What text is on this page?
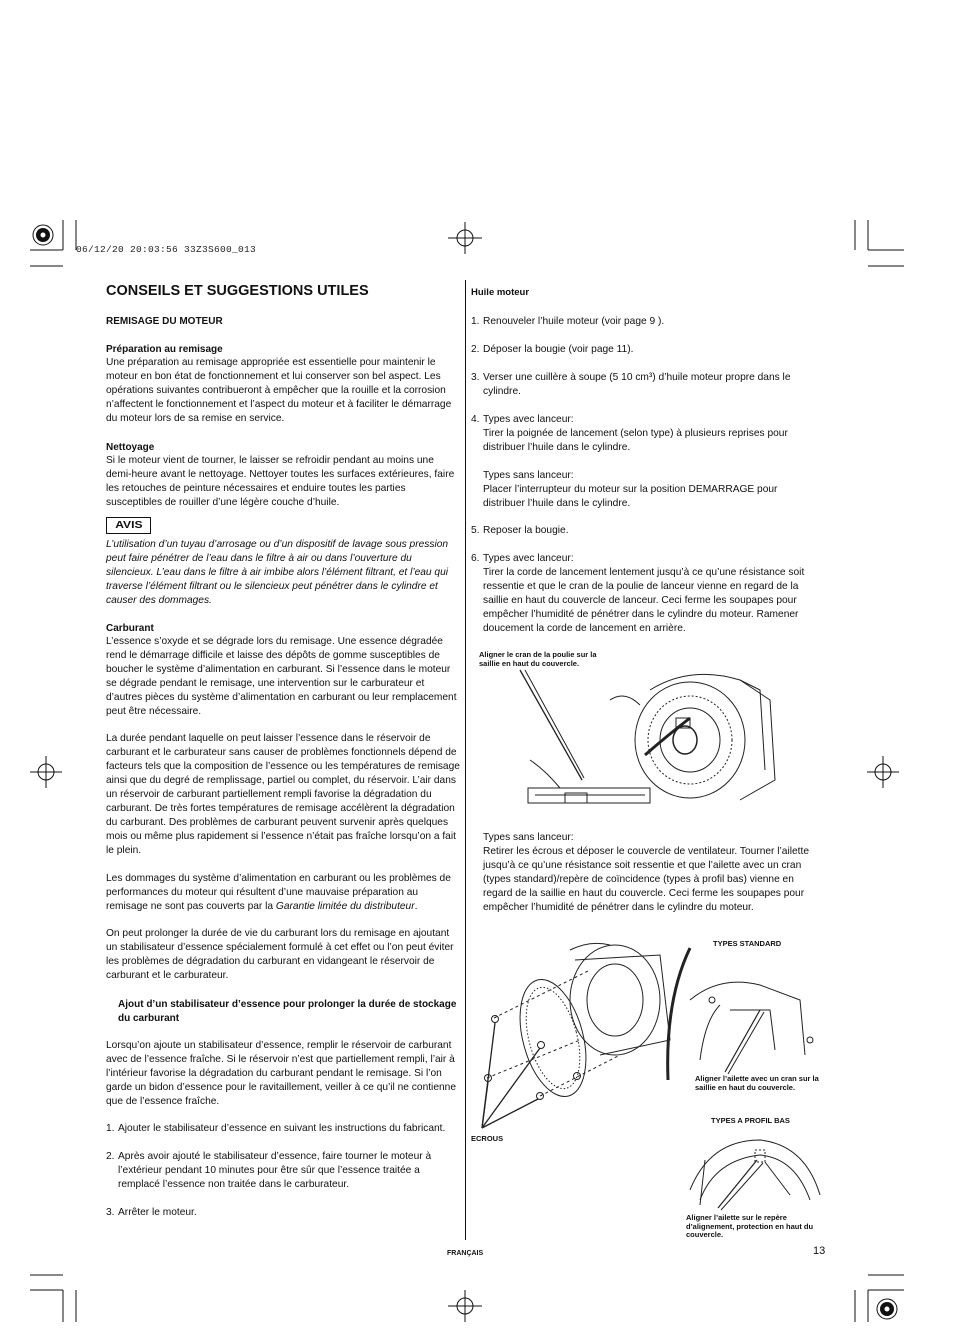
06/12/20 20:03:56 33Z3S600_013
CONSEILS ET SUGGESTIONS UTILES
REMISAGE DU MOTEUR
Préparation au remisage
Une préparation au remisage appropriée est essentielle pour maintenir le moteur en bon état de fonctionnement et lui conserver son bel aspect. Les opérations suivantes contribueront à empêcher que la rouille et la corrosion n’affectent le fonctionnement et l’aspect du moteur et à faciliter le démarrage du moteur lors de sa remise en service.
Nettoyage
Si le moteur vient de tourner, le laisser se refroidir pendant au moins une demi-heure avant le nettoyage. Nettoyer toutes les surfaces extérieures, faire les retouches de peinture nécessaires et enduire toutes les parties susceptibles de rouiller d’une légère couche d’huile.
AVIS
L’utilisation d’un tuyau d’arrosage ou d’un dispositif de lavage sous pression peut faire pénétrer de l’eau dans le filtre à air ou dans l’ouverture du silencieux. L’eau dans le filtre à air imbibe alors l’élément filtrant, et l’eau qui traverse l’élément filtrant ou le silencieux peut pénétrer dans le cylindre et causer des dommages.
Carburant
L’essence s’oxyde et se dégrade lors du remisage. Une essence dégradée rend le démarrage difficile et laisse des dépôts de gomme susceptibles de boucher le système d’alimentation en carburant. Si l’essence dans le moteur se dégrade pendant le remisage, une intervention sur le carburateur et d’autres pièces du système d’alimentation en carburant ou leur remplacement peut être nécessaire.
La durée pendant laquelle on peut laisser l’essence dans le réservoir de carburant et le carburateur sans causer de problèmes fonctionnels dépend de facteurs tels que la composition de l’essence ou les températures de remisage ainsi que du degré de remplissage, partiel ou complet, du réservoir. L’air dans un réservoir de carburant partiellement rempli favorise la dégradation du carburant. De très fortes températures de remisage accélèrent la dégradation du carburant. Des problèmes de carburant peuvent survenir après quelques mois ou même plus rapidement si l’essence n’était pas fraîche lorsqu’on a fait le plein.
Les dommages du système d’alimentation en carburant ou les problèmes de performances du moteur qui résultent d’une mauvaise préparation au remisage ne sont pas couverts par la Garantie limitée du distributeur.
On peut prolonger la durée de vie du carburant lors du remisage en ajoutant un stabilisateur d’essence spécialement formulé à cet effet ou l’on peut éviter les problèmes de dégradation du carburant en vidangeant le réservoir de carburant et le carburateur.
Ajout d’un stabilisateur d’essence pour prolonger la durée de stockage du carburant
Lorsqu’on ajoute un stabilisateur d’essence, remplir le réservoir de carburant avec de l’essence fraîche. Si le réservoir n’est que partiellement rempli, l’air à l’intérieur favorise la dégradation du carburant pendant le remisage. Si l’on garde un bidon d’essence pour le ravitaillement, veiller à ce qu’il ne contienne que de l’essence fraîche.
1. Ajouter le stabilisateur d’essence en suivant les instructions du fabricant.
2. Après avoir ajouté le stabilisateur d’essence, faire tourner le moteur à l’extérieur pendant 10 minutes pour être sûr que l’essence traitée a remplacé l’essence non traitée dans le carburateur.
3. Arrêter le moteur.
Huile moteur
1. Renouveler l’huile moteur (voir page 9 ).
2. Déposer la bougie (voir page 11).
3. Verser une cuillère à soupe (5 10 cm³) d’huile moteur propre dans le cylindre.
4. Types avec lanceur:
Tirer la poignée de lancement (selon type) à plusieurs reprises pour distribuer l’huile dans le cylindre.
Types sans lanceur:
Placer l’interrupteur du moteur sur la position DEMARRAGE pour distribuer l’huile dans le cylindre.
5. Reposer la bougie.
6. Types avec lanceur:
Tirer la corde de lancement lentement jusqu’à ce qu’une résistance soit ressentie et que le cran de la poulie de lanceur vienne en regard de la saillie en haut du couvercle de lanceur. Ceci ferme les soupapes pour empêcher l’humidité de pénétrer dans le cylindre du moteur. Ramener doucement la corde de lancement en arrière.
Aligner le cran de la poulie sur la saillie en haut du couvercle.
Types sans lanceur:
Retirer les écrous et déposer le couvercle de ventilateur. Tourner l’ailette jusqu’à ce qu’une résistance soit ressentie et que l’ailette avec un cran (types standard)/repère de coïncidence (types à profil bas) vienne en regard de la saillie en haut du couvercle. Ceci ferme les soupapes pour empêcher l’humidité de pénétrer dans le cylindre du moteur.
TYPES STANDARD
Aligner l’ailette avec un cran sur la saillie en haut du couvercle.
TYPES A PROFIL BAS
ECROUS
Aligner l’ailette sur le repère d’alignement, protection en haut du couvercle.
FRANÇAIS	13
